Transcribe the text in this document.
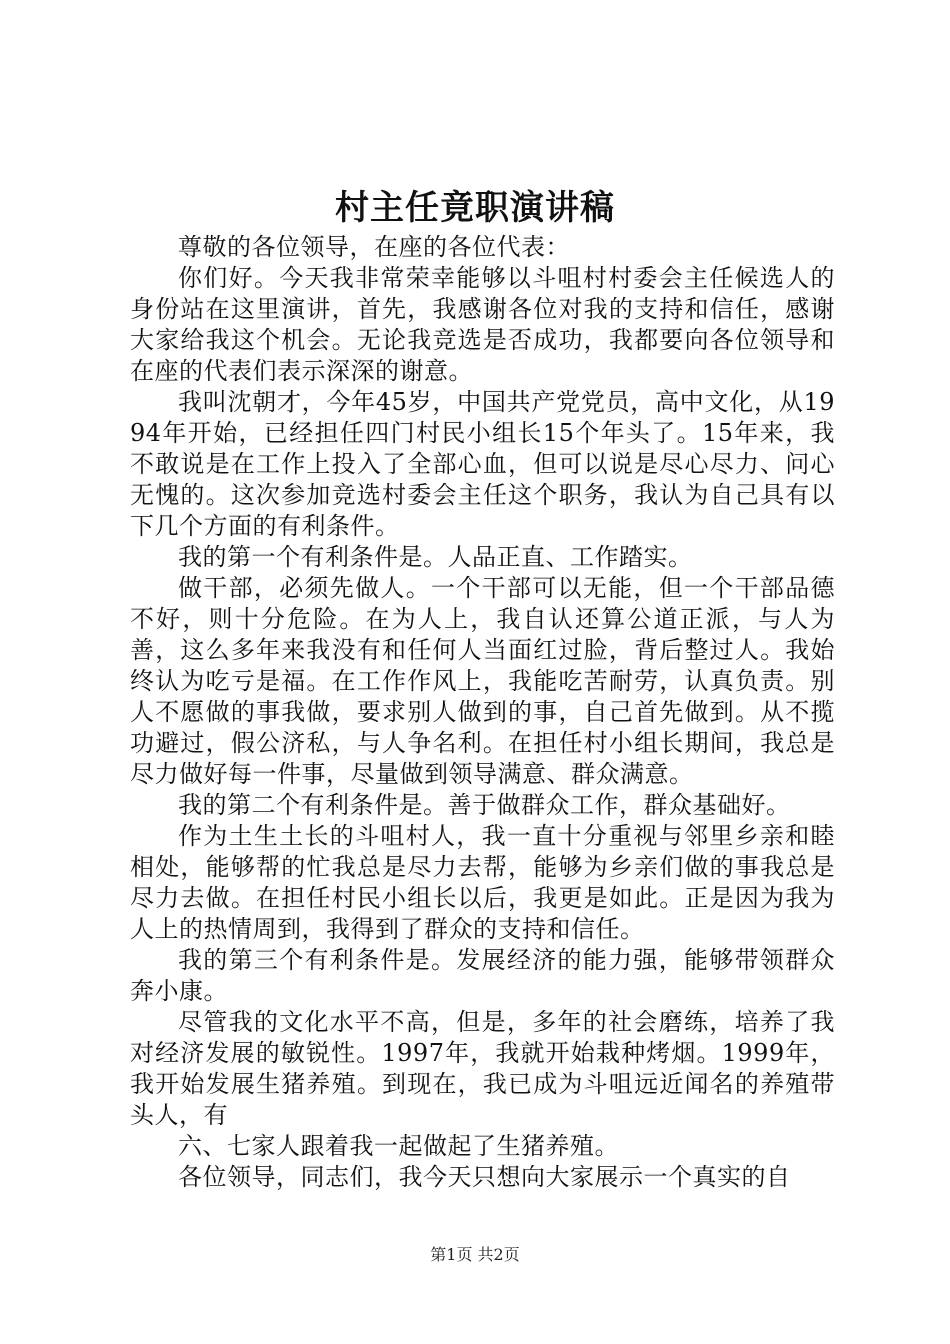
村主任竟职演讲稿

尊敬的各位领导，在座的各位代表：

你们好。今天我非常荣幸能够以斗咀村村委会主任候选人的身份站在这里演讲，首先，我感谢各位对我的支持和信任，感谢大家给我这个机会。无论我竞选是否成功，我都要向各位领导和在座的代表们表示深深的谢意。

我叫沈朝才，今年45岁，中国共产党党员，高中文化，从1994年开始，已经担任四门村民小组长15个年头了。15年来，我不敢说是在工作上投入了全部心血，但可以说是尽心尽力、问心无愧的。这次参加竞选村委会主任这个职务，我认为自己具有以下几个方面的有利条件。

我的第一个有利条件是。人品正直、工作踏实。

做干部，必须先做人。一个干部可以无能，但一个干部品德不好，则十分危险。在为人上，我自认还算公道正派，与人为善，这么多年来我没有和任何人当面红过脸，背后整过人。我始终认为吃亏是福。在工作作风上，我能吃苦耐劳，认真负责。别人不愿做的事我做，要求别人做到的事，自己首先做到。从不揽功避过，假公济私，与人争名利。在担任村小组长期间，我总是尽力做好每一件事，尽量做到领导满意、群众满意。

我的第二个有利条件是。善于做群众工作，群众基础好。

作为土生土长的斗咀村人，我一直十分重视与邻里乡亲和睦相处，能够帮的忙我总是尽力去帮，能够为乡亲们做的事我总是尽力去做。在担任村民小组长以后，我更是如此。正是因为我为人上的热情周到，我得到了群众的支持和信任。

我的第三个有利条件是。发展经济的能力强，能够带领群众奔小康。

尽管我的文化水平不高，但是，多年的社会磨练，培养了我对经济发展的敏锐性。1997年，我就开始栽种烤烟。1999年，我开始发展生猪养殖。到现在，我已成为斗咀远近闻名的养殖带头人，有

六、七家人跟着我一起做起了生猪养殖。

各位领导，同志们，我今天只想向大家展示一个真实的自

第1页 共2页
